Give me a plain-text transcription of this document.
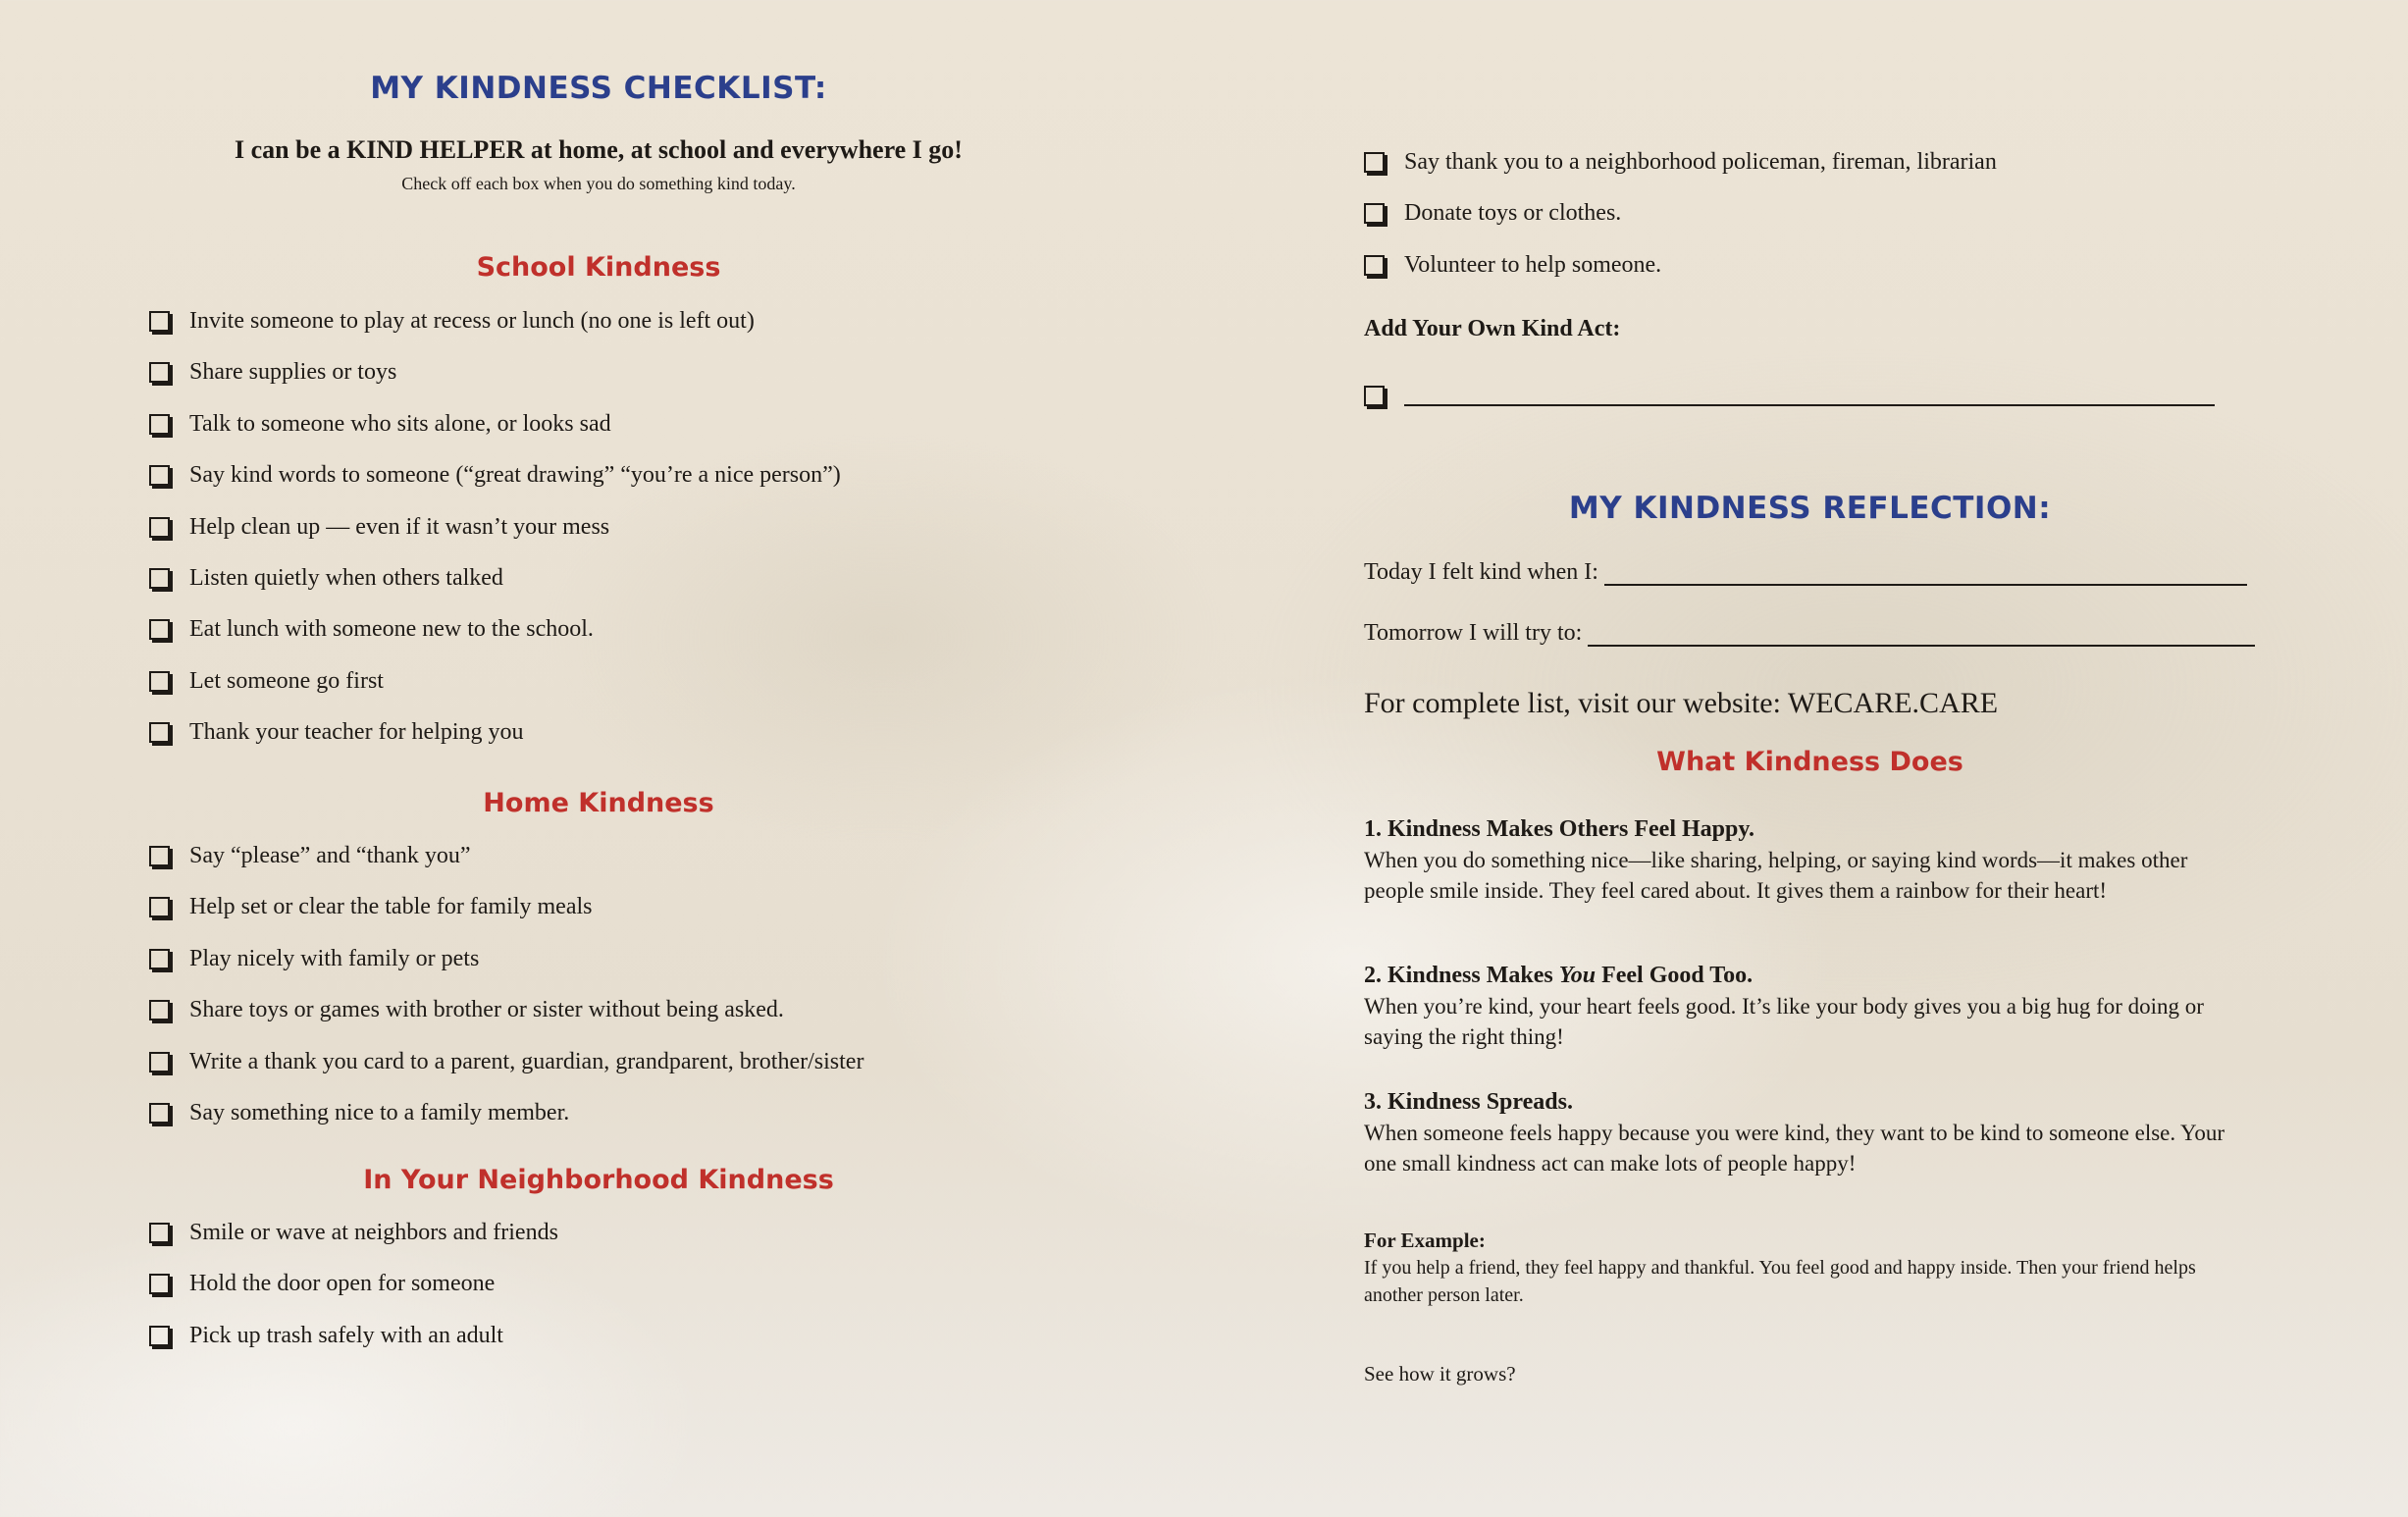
MY KINDNESS CHECKLIST:
I can be a KIND HELPER at home, at school and everywhere I go!
Check off each box when you do something kind today.
School Kindness
Invite someone to play at recess or lunch (no one is left out)
Share supplies or toys
Talk to someone who sits alone, or looks sad
Say kind words to someone (“great drawing” “you’re a nice person”)
Help clean up — even if it wasn’t your mess
Listen quietly when others talked
Eat lunch with someone new to the school.
Let someone go first
Thank your teacher for helping you
Home Kindness
Say “please” and “thank you”
Help set or clear the table for family meals
Play nicely with family or pets
Share toys or games with brother or sister without being asked.
Write a thank you card to a parent, guardian, grandparent, brother/sister
Say something nice to a family member.
In Your Neighborhood Kindness
Smile or wave at neighbors and friends
Hold the door open for someone
Pick up trash safely with an adult
Say thank you to a neighborhood policeman, fireman, librarian
Donate toys or clothes.
Volunteer to help someone.
Add Your Own Kind Act:
MY KINDNESS REFLECTION:
Today I felt kind when I:
Tomorrow I will try to:
For complete list, visit our website: WECARE.CARE
What Kindness Does
1. Kindness Makes Others Feel Happy.
When you do something nice—like sharing, helping, or saying kind words—it makes other people smile inside. They feel cared about. It gives them a rainbow for their heart!
2. Kindness Makes You Feel Good Too.
When you’re kind, your heart feels good. It’s like your body gives you a big hug for doing or saying the right thing!
3. Kindness Spreads.
When someone feels happy because you were kind, they want to be kind to someone else. Your one small kindness act can make lots of people happy!
For Example:
If you help a friend, they feel happy and thankful. You feel good and happy inside. Then your friend helps another person later.
See how it grows?
